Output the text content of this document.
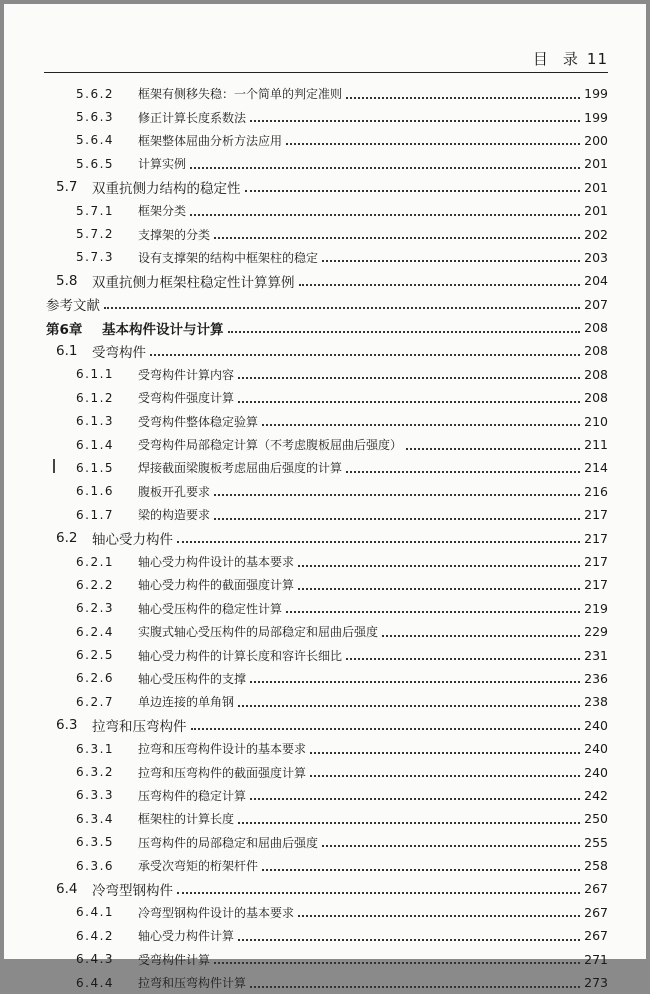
目 录 11
5.6.2	框架有侧移失稳：一个简单的判定准则	199
5.6.3	修正计算长度系数法	199
5.6.4	框架整体屈曲分析方法应用	200
5.6.5	计算实例	201
5.7	双重抗侧力结构的稳定性	201
5.7.1	框架分类	201
5.7.2	支撑架的分类	202
5.7.3	设有支撑架的结构中框架柱的稳定	203
5.8	双重抗侧力框架柱稳定性计算算例	204
参考文献	207
第6章	基本构件设计与计算	208
6.1	受弯构件	208
6.1.1	受弯构件计算内容	208
6.1.2	受弯构件强度计算	208
6.1.3	受弯构件整体稳定验算	210
6.1.4	受弯构件局部稳定计算（不考虑腹板屈曲后强度）	211
6.1.5	焊接截面梁腹板考虑屈曲后强度的计算	214
6.1.6	腹板开孔要求	216
6.1.7	梁的构造要求	217
6.2	轴心受力构件	217
6.2.1	轴心受力构件设计的基本要求	217
6.2.2	轴心受力构件的截面强度计算	217
6.2.3	轴心受压构件的稳定性计算	219
6.2.4	实腹式轴心受压构件的局部稳定和屈曲后强度	229
6.2.5	轴心受力构件的计算长度和容许长细比	231
6.2.6	轴心受压构件的支撑	236
6.2.7	单边连接的单角钢	238
6.3	拉弯和压弯构件	240
6.3.1	拉弯和压弯构件设计的基本要求	240
6.3.2	拉弯和压弯构件的截面强度计算	240
6.3.3	压弯构件的稳定计算	242
6.3.4	框架柱的计算长度	250
6.3.5	压弯构件的局部稳定和屈曲后强度	255
6.3.6	承受次弯矩的桁架杆件	258
6.4	冷弯型钢构件	267
6.4.1	冷弯型钢构件设计的基本要求	267
6.4.2	轴心受力构件计算	267
6.4.3	受弯构件计算	271
6.4.4	拉弯和压弯构件计算	273
